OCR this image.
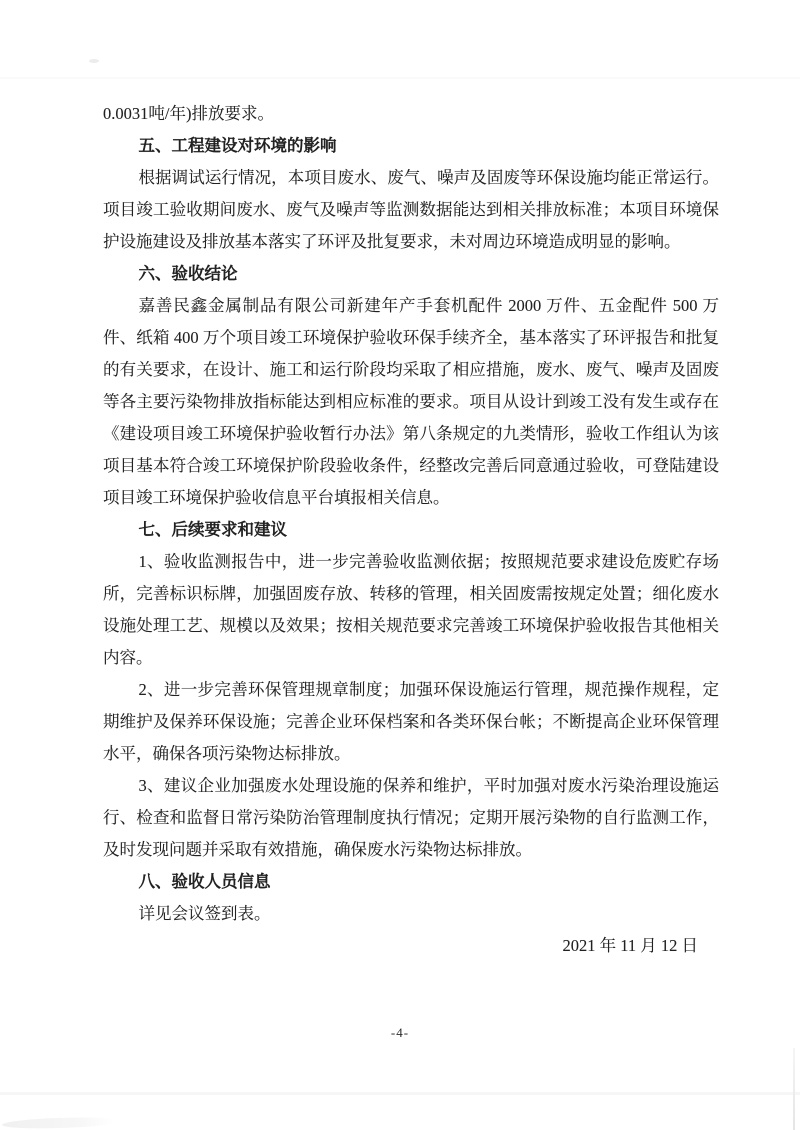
0.0031吨/年)排放要求。
五、工程建设对环境的影响
根据调试运行情况，本项目废水、废气、噪声及固废等环保设施均能正常运行。项目竣工验收期间废水、废气及噪声等监测数据能达到相关排放标准；本项目环境保护设施建设及排放基本落实了环评及批复要求，未对周边环境造成明显的影响。
六、验收结论
嘉善民鑫金属制品有限公司新建年产手套机配件 2000 万件、五金配件 500 万件、纸箱 400 万个项目竣工环境保护验收环保手续齐全，基本落实了环评报告和批复的有关要求，在设计、施工和运行阶段均采取了相应措施，废水、废气、噪声及固废等各主要污染物排放指标能达到相应标准的要求。项目从设计到竣工没有发生或存在《建设项目竣工环境保护验收暂行办法》第八条规定的九类情形，验收工作组认为该项目基本符合竣工环境保护阶段验收条件，经整改完善后同意通过验收，可登陆建设项目竣工环境保护验收信息平台填报相关信息。
七、后续要求和建议
1、验收监测报告中，进一步完善验收监测依据；按照规范要求建设危废贮存场所，完善标识标牌，加强固废存放、转移的管理，相关固废需按规定处置；细化废水设施处理工艺、规模以及效果；按相关规范要求完善竣工环境保护验收报告其他相关内容。
2、进一步完善环保管理规章制度；加强环保设施运行管理，规范操作规程，定期维护及保养环保设施；完善企业环保档案和各类环保台帐；不断提高企业环保管理水平，确保各项污染物达标排放。
3、建议企业加强废水处理设施的保养和维护，平时加强对废水污染治理设施运行、检查和监督日常污染防治管理制度执行情况；定期开展污染物的自行监测工作，及时发现问题并采取有效措施，确保废水污染物达标排放。
八、验收人员信息
详见会议签到表。
2021 年 11 月 12 日
-4-
